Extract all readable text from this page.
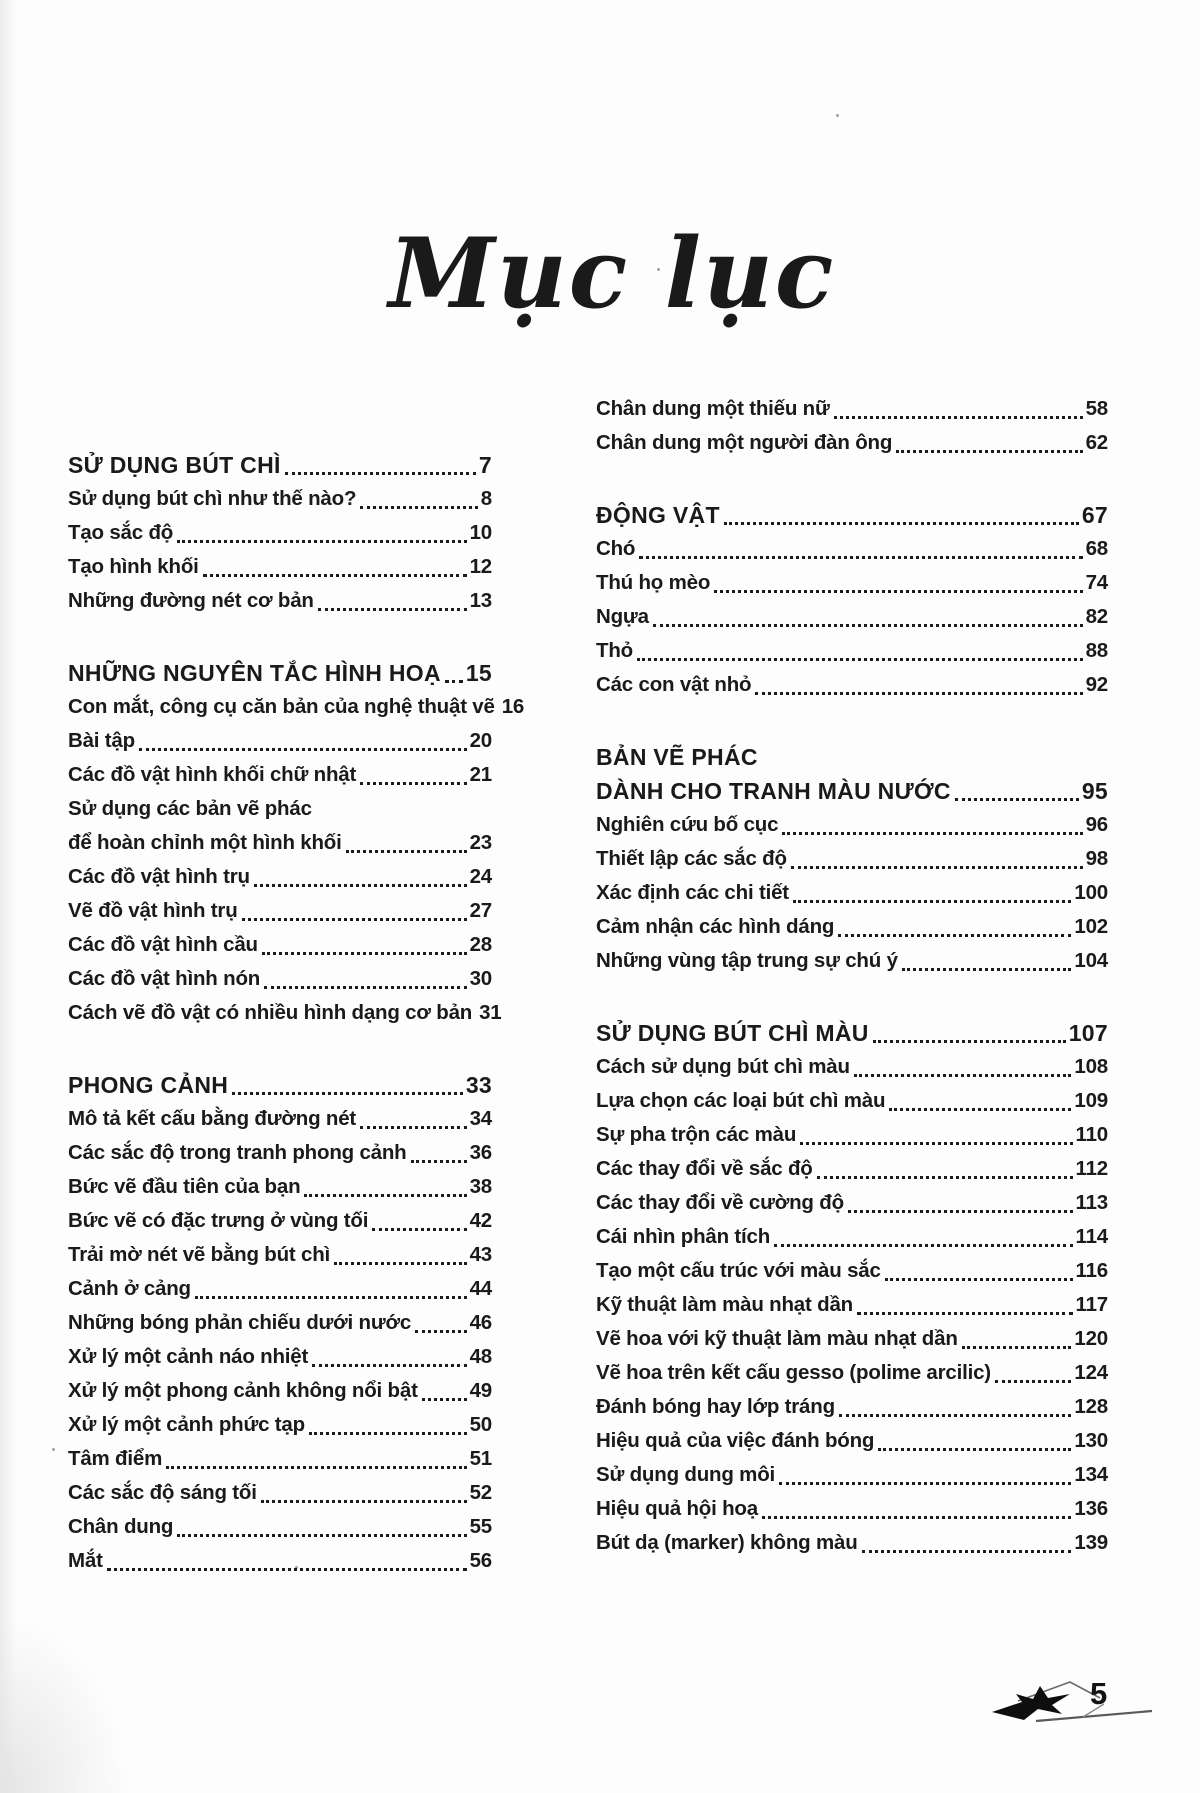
Mục lục
SỬ DỤNG BÚT CHÌ	7
Sử dụng bút chì như thế nào?	8
Tạo sắc độ	10
Tạo hình khối	12
Những đường nét cơ bản	13
NHỮNG NGUYÊN TẮC HÌNH HOẠ 15
Con mắt, công cụ căn bản của nghệ thuật vẽ 16
Bài tập	20
Các đồ vật hình khối chữ nhật	21
Sử dụng các bản vẽ phác
để hoàn chỉnh một hình khối	23
Các đồ vật hình trụ	24
Vẽ đồ vật hình trụ	27
Các đồ vật hình cầu	28
Các đồ vật hình nón	30
Cách vẽ đồ vật có nhiều hình dạng cơ bản 31
PHONG CẢNH	33
Mô tả kết cấu bằng đường nét	34
Các sắc độ trong tranh phong cảnh	36
Bức vẽ đầu tiên của bạn	38
Bức vẽ có đặc trưng ở vùng tối	42
Trải mờ nét vẽ bằng bút chì	43
Cảnh ở cảng	44
Những bóng phản chiếu dưới nước	46
Xử lý một cảnh náo nhiệt	48
Xử lý một phong cảnh không nổi bật	49
Xử lý một cảnh phức tạp	50
Tâm điểm	51
Các sắc độ sáng tối	52
Chân dung	55
Mắt	56
Chân dung một thiếu nữ	58
Chân dung một người đàn ông	62
ĐỘNG VẬT	67
Chó	68
Thú họ mèo	74
Ngựa	82
Thỏ	88
Các con vật nhỏ	92
BẢN VẼ PHÁC
DÀNH CHO TRANH MÀU NƯỚC	95
Nghiên cứu bố cục	96
Thiết lập các sắc độ	98
Xác định các chi tiết	100
Cảm nhận các hình dáng	102
Những vùng tập trung sự chú ý	104
SỬ DỤNG BÚT CHÌ MÀU	107
Cách sử dụng bút chì màu	108
Lựa chọn các loại bút chì màu	109
Sự pha trộn các màu	110
Các thay đổi về sắc độ	112
Các thay đổi về cường độ	113
Cái nhìn phân tích	114
Tạo một cấu trúc với màu sắc	116
Kỹ thuật làm màu nhạt dần	117
Vẽ hoa với kỹ thuật làm màu nhạt dần	120
Vẽ hoa trên kết cấu gesso (polime arcilic)	124
Đánh bóng hay lớp tráng	128
Hiệu quả của việc đánh bóng	130
Sử dụng dung môi	134
Hiệu quả hội hoạ	136
Bút dạ (marker) không màu	139
5
